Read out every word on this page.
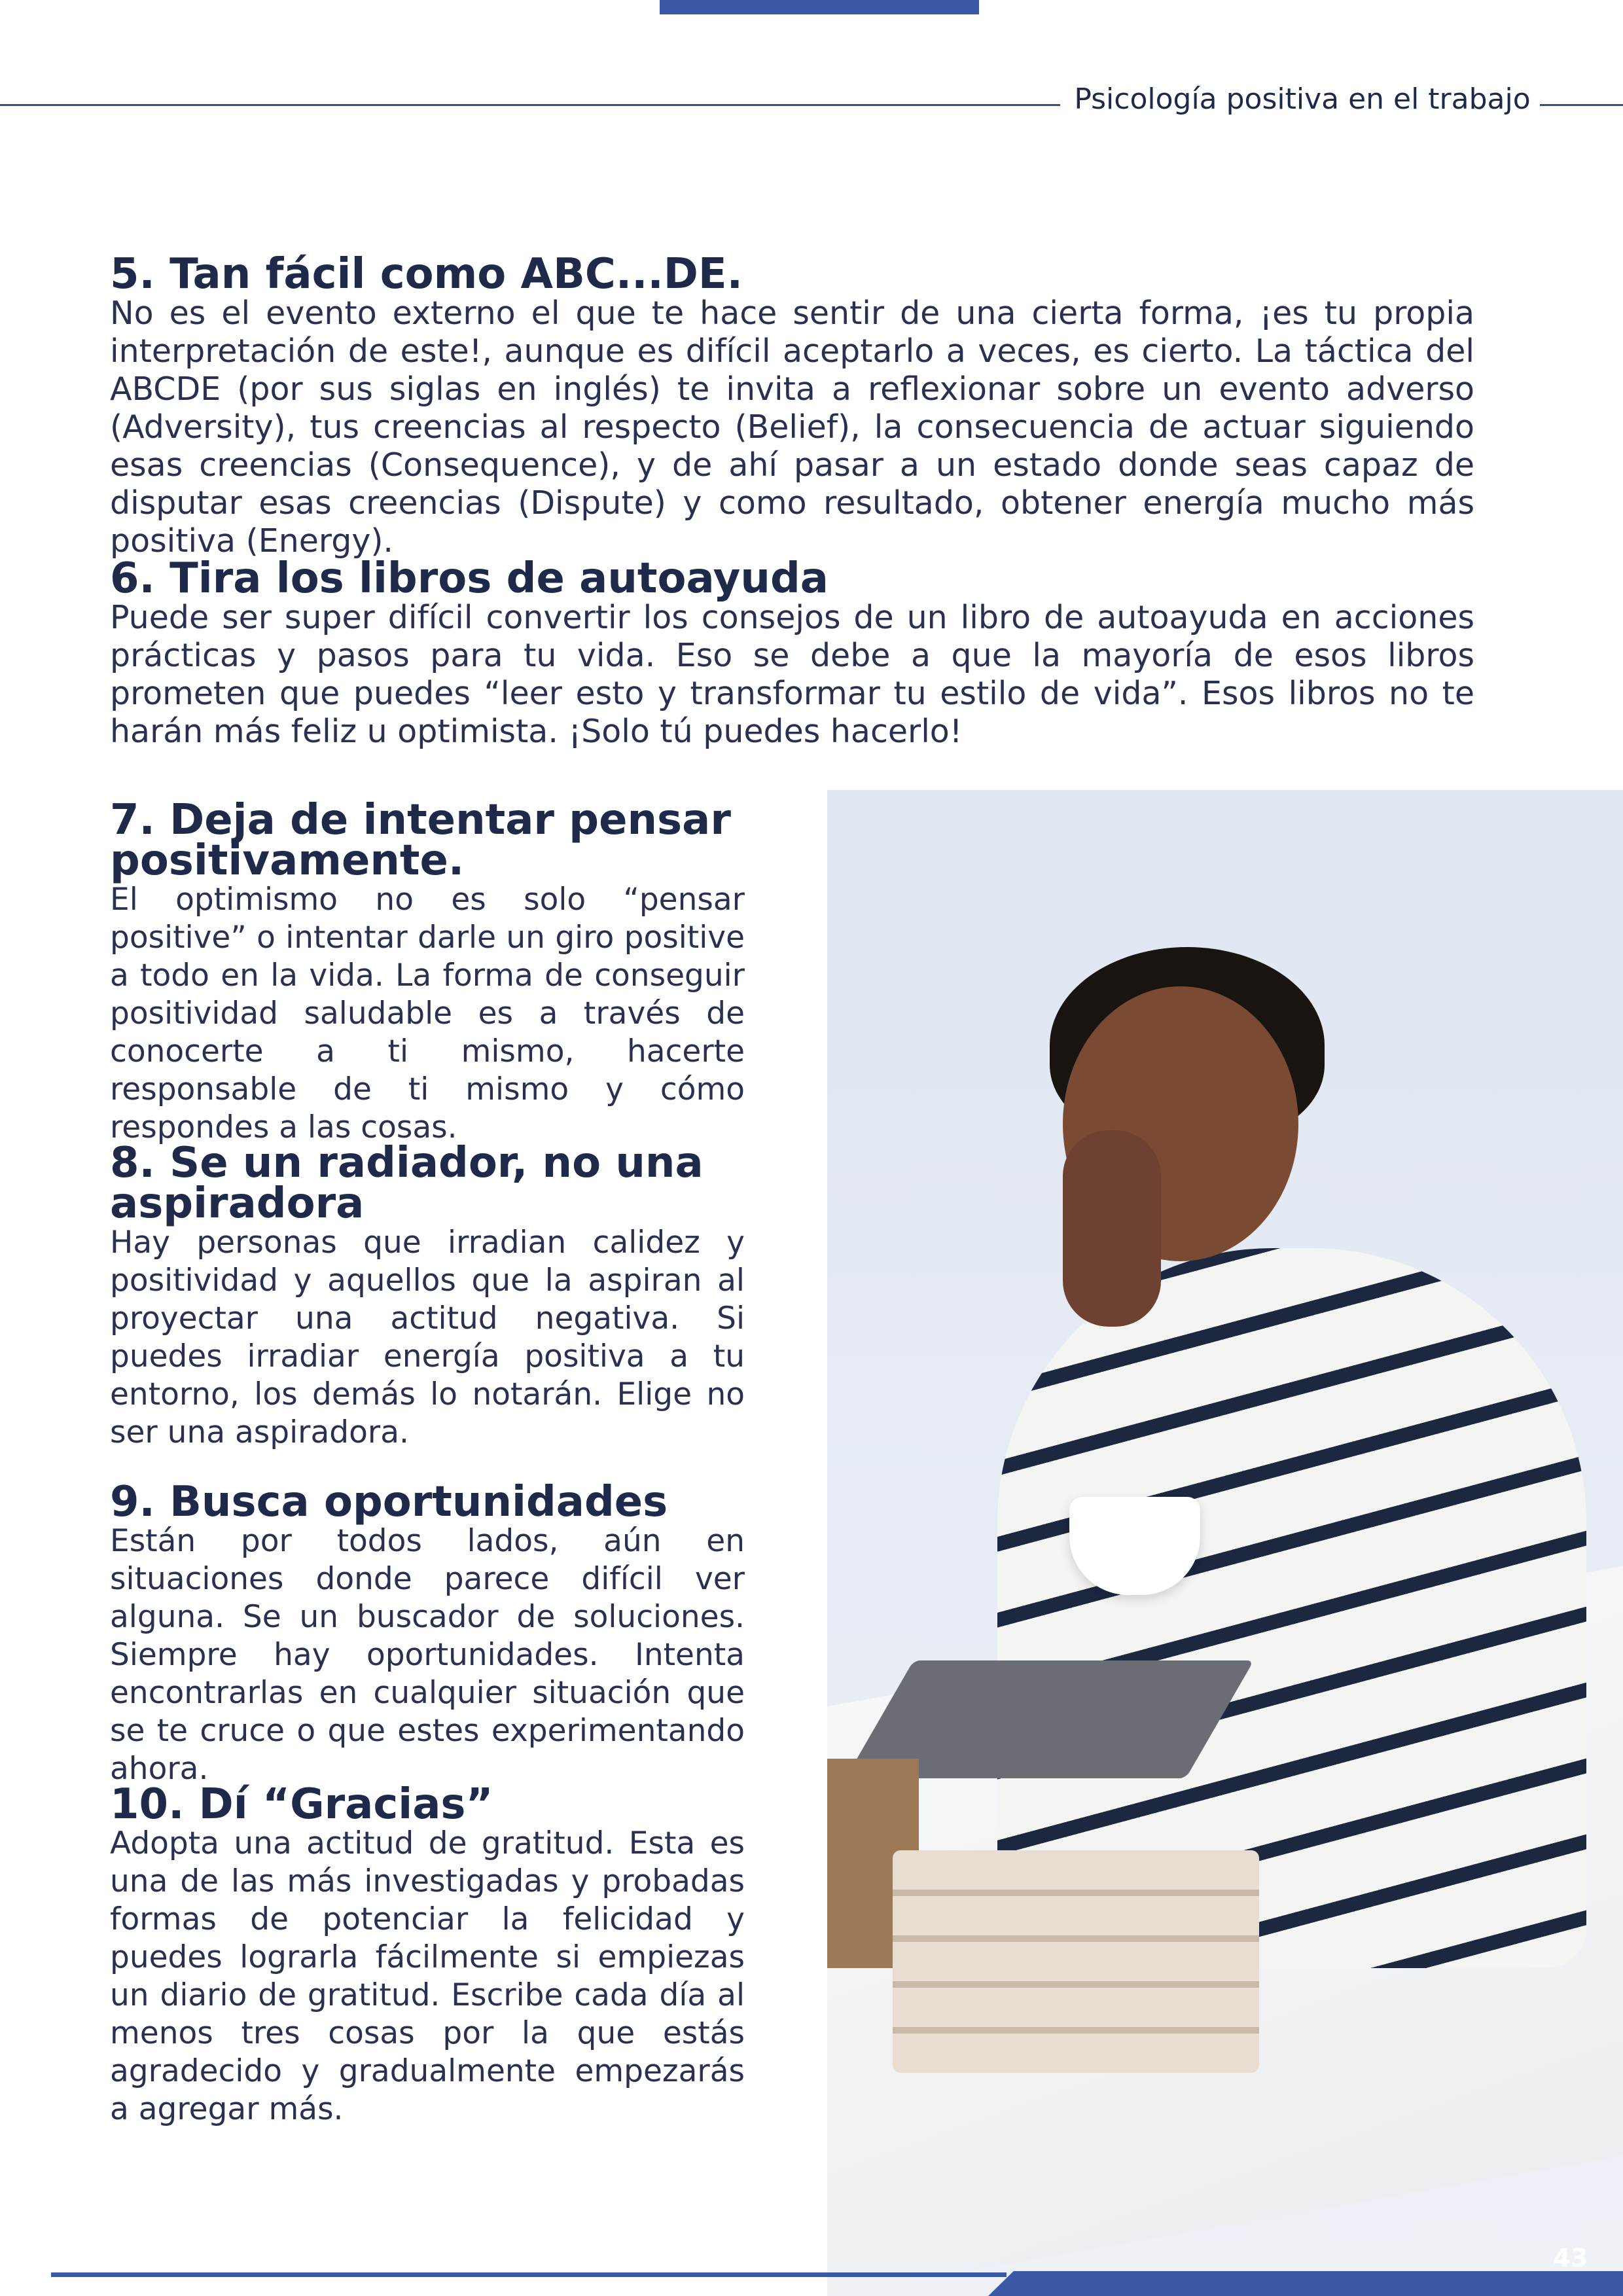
Psicología positiva en el trabajo
5. Tan fácil como ABC...DE.

No es el evento externo el que te hace sentir de una cierta forma, ¡es tu propia interpretación de este!, aunque es difícil aceptarlo a veces, es cierto. La táctica del ABCDE (por sus siglas en inglés) te invita a reflexionar sobre un evento adverso (Adversity), tus creencias al respecto (Belief), la consecuencia de actuar siguiendo esas creencias (Consequence), y de ahí pasar a un estado donde seas capaz de disputar esas creencias (Dispute) y como resultado, obtener energía mucho más positiva (Energy).

6. Tira los libros de autoayuda

Puede ser super difícil convertir los consejos de un libro de autoayuda en acciones prácticas y pasos para tu vida. Eso se debe a que la mayoría de esos libros prometen que puedes “leer esto y transformar tu estilo de vida”. Esos libros no te harán más feliz u optimista. ¡Solo tú puedes hacerlo!

7. Deja de intentar pensar positivamente.

El optimismo no es solo “pensar positive” o intentar darle un giro positive a todo en la vida. La forma de conseguir positividad saludable es a través de conocerte a ti mismo, hacerte responsable de ti mismo y cómo respondes a las cosas.

8. Se un radiador, no una aspiradora

Hay personas que irradian calidez y positividad y aquellos que la aspiran al proyectar una actitud negativa. Si puedes irradiar energía positiva a tu entorno, los demás lo notarán. Elige no ser una aspiradora.

9. Busca oportunidades

Están por todos lados, aún en situaciones donde parece difícil ver alguna. Se un buscador de soluciones. Siempre hay oportunidades. Intenta encontrarlas en cualquier situación que se te cruce o que estes experimentando ahora.

10. Dí “Gracias”

Adopta una actitud de gratitud. Esta es una de las más investigadas y probadas formas de potenciar la felicidad y puedes lograrla fácilmente si empiezas un diario de gratitud. Escribe cada día al menos tres cosas por la que estás agradecido y gradualmente empezarás a agregar más.

43
